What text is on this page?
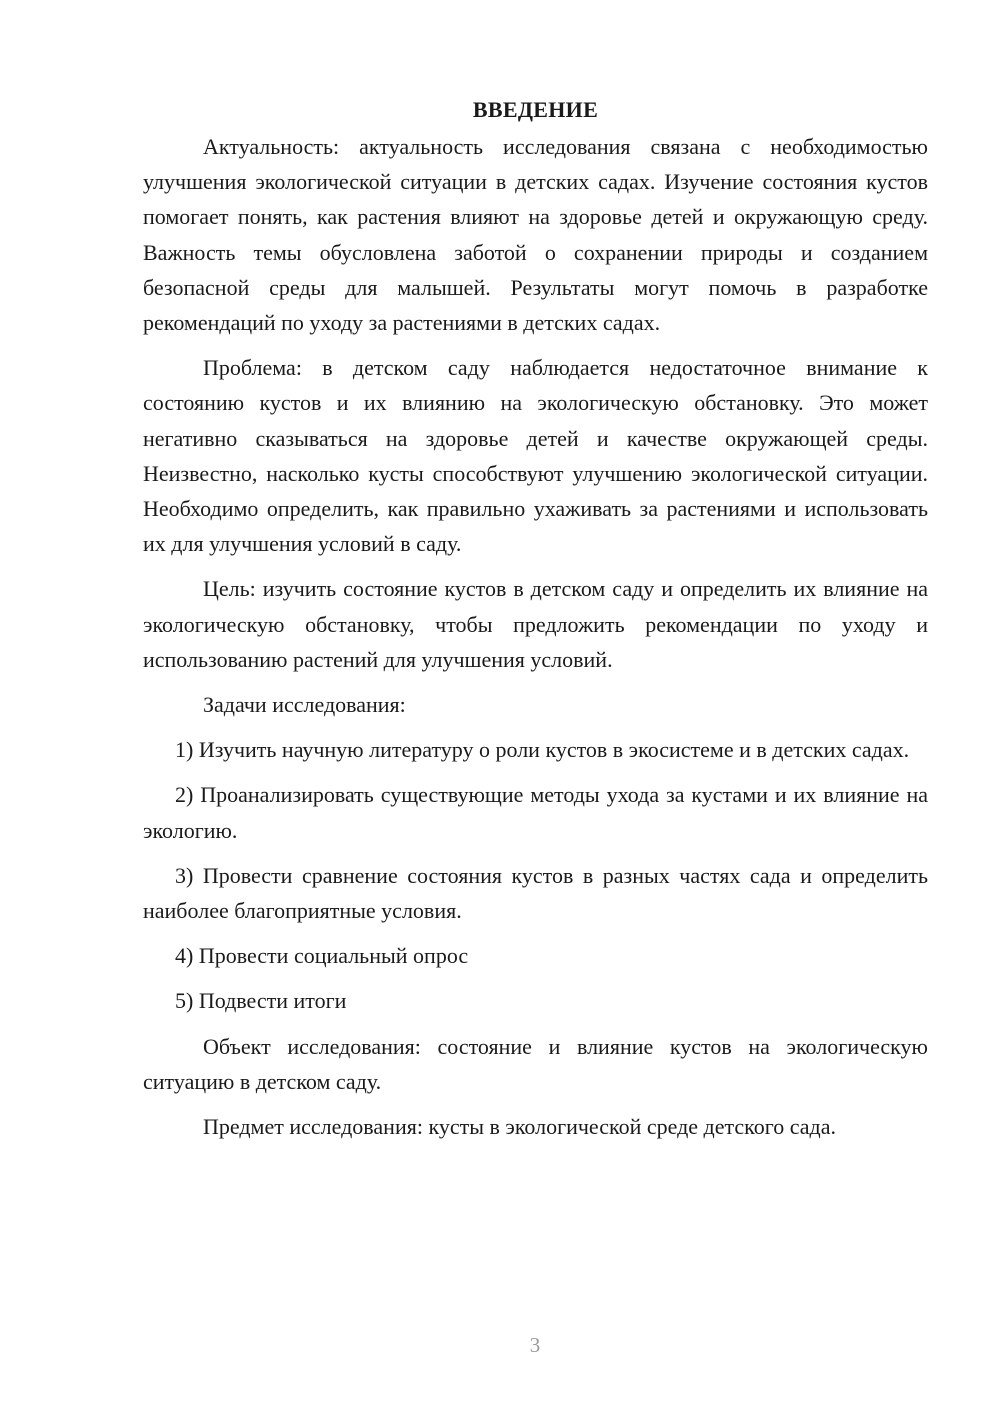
ВВЕДЕНИЕ

Актуальность: актуальность исследования связана с необходимостью улучшения экологической ситуации в детских садах. Изучение состояния кустов помогает понять, как растения влияют на здоровье детей и окружающую среду. Важность темы обусловлена заботой о сохранении природы и созданием безопасной среды для малышей. Результаты могут помочь в разработке рекомендаций по уходу за растениями в детских садах.

Проблема: в детском саду наблюдается недостаточное внимание к состоянию кустов и их влиянию на экологическую обстановку. Это может негативно сказываться на здоровье детей и качестве окружающей среды. Неизвестно, насколько кусты способствуют улучшению экологической ситуации. Необходимо определить, как правильно ухаживать за растениями и использовать их для улучшения условий в саду.

Цель: изучить состояние кустов в детском саду и определить их влияние на экологическую обстановку, чтобы предложить рекомендации по уходу и использованию растений для улучшения условий.

Задачи исследования:

1) Изучить научную литературу о роли кустов в экосистеме и в детских садах.

2) Проанализировать существующие методы ухода за кустами и их влияние на экологию.

3) Провести сравнение состояния кустов в разных частях сада и определить наиболее благоприятные условия.

4) Провести социальный опрос

5) Подвести итоги

Объект исследования: состояние и влияние кустов на экологическую ситуацию в детском саду.

Предмет исследования: кусты в экологической среде детского сада.

3
